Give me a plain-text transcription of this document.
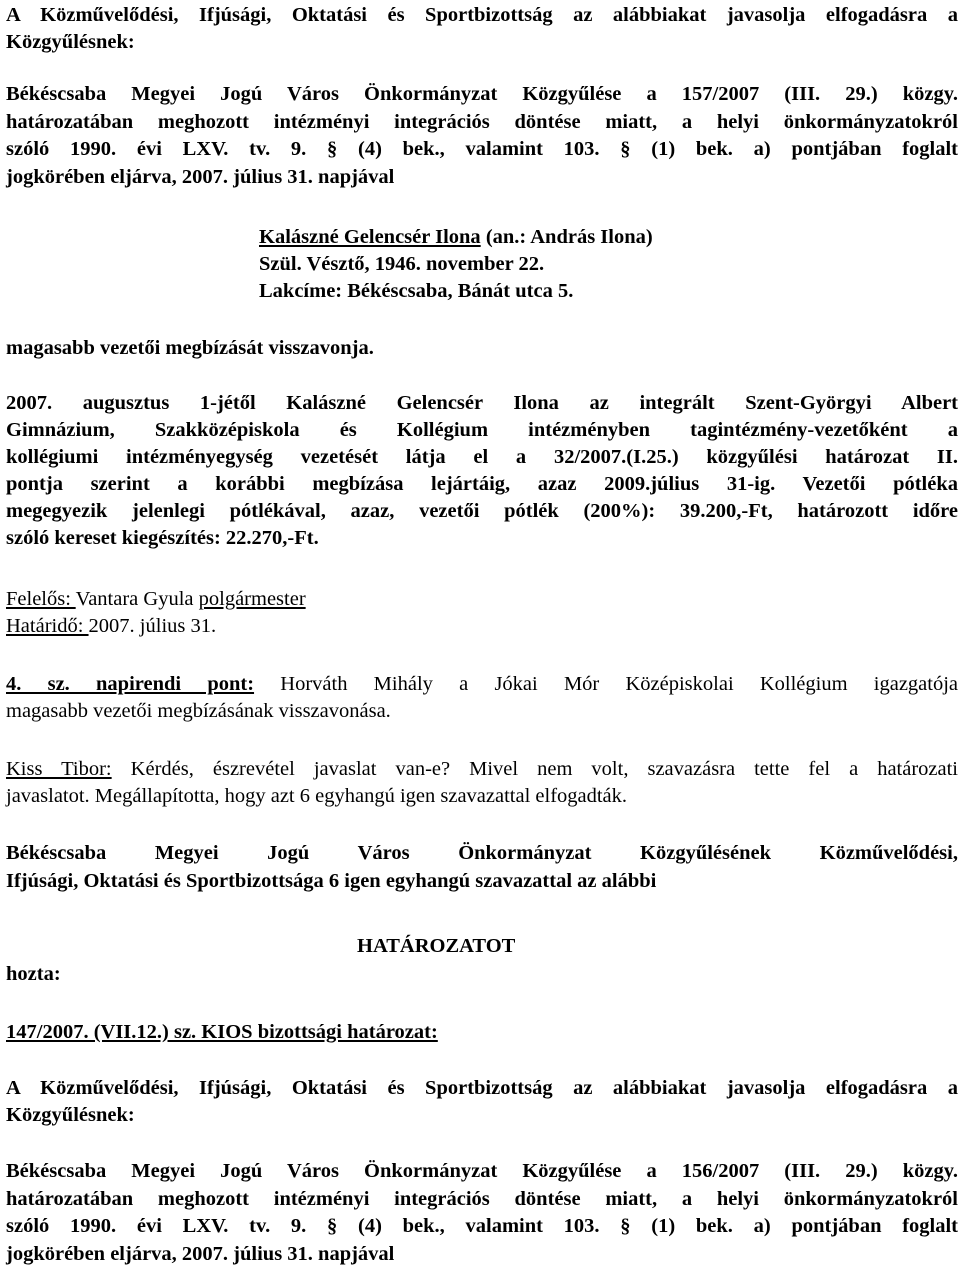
A Közművelődési, Ifjúsági, Oktatási és Sportbizottság az alábbiakat javasolja elfogadásra a
Közgyűlésnek:
Békéscsaba Megyei Jogú Város Önkormányzat Közgyűlése a 157/2007 (III. 29.) közgy.
határozatában meghozott intézményi integrációs döntése miatt, a helyi önkormányzatokról
szóló 1990. évi LXV. tv. 9. § (4) bek., valamint 103. § (1) bek. a) pontjában foglalt
jogkörében eljárva, 2007. július 31. napjával
Kalászné Gelencsér Ilona (an.: András Ilona)
Szül. Vésztő, 1946. november 22.
Lakcíme: Békéscsaba, Bánát utca 5.
magasabb vezetői megbízását visszavonja.
2007. augusztus 1-jétől Kalászné Gelencsér Ilona az integrált Szent-Györgyi Albert
Gimnázium, Szakközépiskola és Kollégium intézményben tagintézmény-vezetőként a
kollégiumi intézményegység vezetését látja el a 32/2007.(I.25.) közgyűlési határozat II.
pontja szerint a korábbi megbízása lejártáig, azaz 2009.július 31-ig. Vezetői pótléka
megegyezik jelenlegi pótlékával, azaz, vezetői pótlék (200%): 39.200,-Ft, határozott időre
szóló kereset kiegészítés: 22.270,-Ft.
Felelős: Vantara Gyula polgármester
Határidő: 2007. július 31.
4. sz. napirendi pont: Horváth Mihály a Jókai Mór Középiskolai Kollégium igazgatója
magasabb vezetői megbízásának visszavonása.
Kiss Tibor: Kérdés, észrevétel javaslat van-e? Mivel nem volt, szavazásra tette fel a határozati
javaslatot. Megállapította, hogy azt 6 egyhangú igen szavazattal elfogadták.
Békéscsaba Megyei Jogú Város Önkormányzat Közgyűlésének Közművelődési,
Ifjúsági, Oktatási és Sportbizottsága 6 igen egyhangú szavazattal az alábbi
HATÁROZATOT
hozta:
147/2007. (VII.12.) sz. KIOS bizottsági határozat:
A Közművelődési, Ifjúsági, Oktatási és Sportbizottság az alábbiakat javasolja elfogadásra a
Közgyűlésnek:
Békéscsaba Megyei Jogú Város Önkormányzat Közgyűlése a 156/2007 (III. 29.) közgy.
határozatában meghozott intézményi integrációs döntése miatt, a helyi önkormányzatokról
szóló 1990. évi LXV. tv. 9. § (4) bek., valamint 103. § (1) bek. a) pontjában foglalt
jogkörében eljárva, 2007. július 31. napjával
